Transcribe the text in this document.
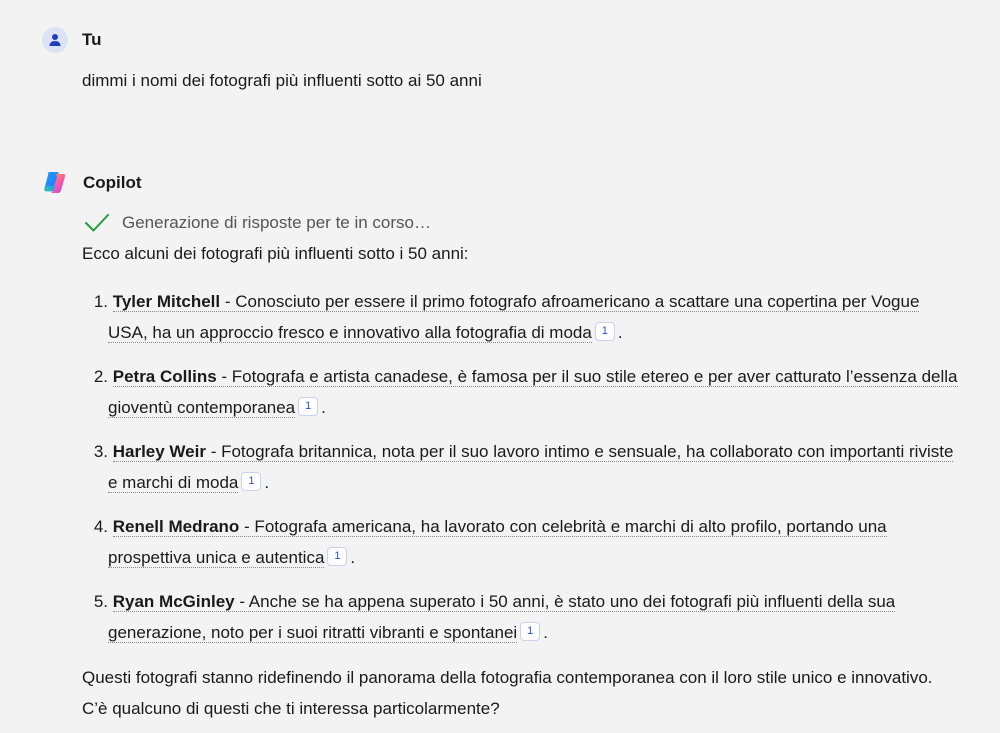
Tu
dimmi i nomi dei fotografi più influenti sotto ai 50 anni
Copilot
Generazione di risposte per te in corso…
Ecco alcuni dei fotografi più influenti sotto i 50 anni:
1. Tyler Mitchell - Conosciuto per essere il primo fotografo afroamericano a scattare una copertina per Vogue USA, ha un approccio fresco e innovativo alla fotografia di moda 1 .
2. Petra Collins - Fotografa e artista canadese, è famosa per il suo stile etereo e per aver catturato l’essenza della gioventù contemporanea 1 .
3. Harley Weir - Fotografa britannica, nota per il suo lavoro intimo e sensuale, ha collaborato con importanti riviste e marchi di moda 1 .
4. Renell Medrano - Fotografa americana, ha lavorato con celebrità e marchi di alto profilo, portando una prospettiva unica e autentica 1 .
5. Ryan McGinley - Anche se ha appena superato i 50 anni, è stato uno dei fotografi più influenti della sua generazione, noto per i suoi ritratti vibranti e spontanei 1 .
Questi fotografi stanno ridefinendo il panorama della fotografia contemporanea con il loro stile unico e innovativo. C’è qualcuno di questi che ti interessa particolarmente?
